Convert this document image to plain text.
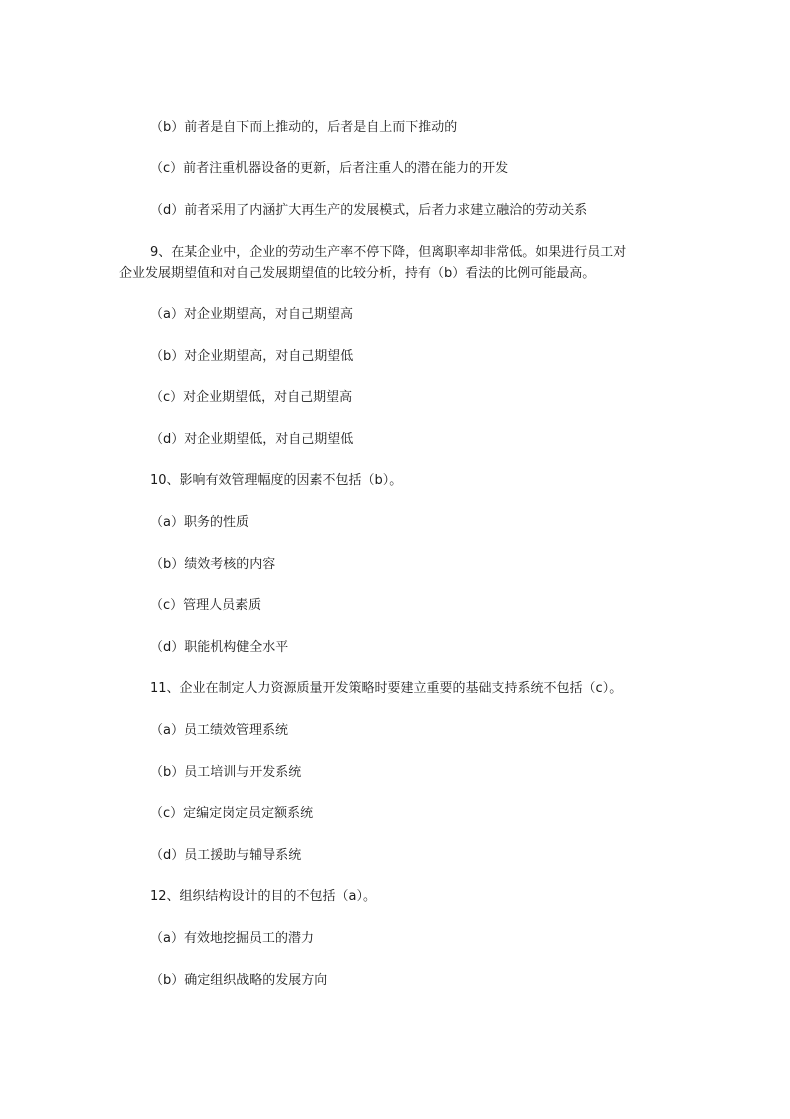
（b）前者是自下而上推动的，后者是自上而下推动的
（c）前者注重机器设备的更新，后者注重人的潜在能力的开发
（d）前者采用了内涵扩大再生产的发展模式，后者力求建立融洽的劳动关系
9、在某企业中，企业的劳动生产率不停下降，但离职率却非常低。如果进行员工对
企业发展期望值和对自己发展期望值的比较分析，持有（b）看法的比例可能最高。
（a）对企业期望高，对自己期望高
（b）对企业期望高，对自己期望低
（c）对企业期望低，对自己期望高
（d）对企业期望低，对自己期望低
10、影响有效管理幅度的因素不包括（b）。
（a）职务的性质
（b）绩效考核的内容
（c）管理人员素质
（d）职能机构健全水平
11、企业在制定人力资源质量开发策略时要建立重要的基础支持系统不包括（c）。
（a）员工绩效管理系统
（b）员工培训与开发系统
（c）定编定岗定员定额系统
（d）员工援助与辅导系统
12、组织结构设计的目的不包括（a）。
（a）有效地挖掘员工的潜力
（b）确定组织战略的发展方向
